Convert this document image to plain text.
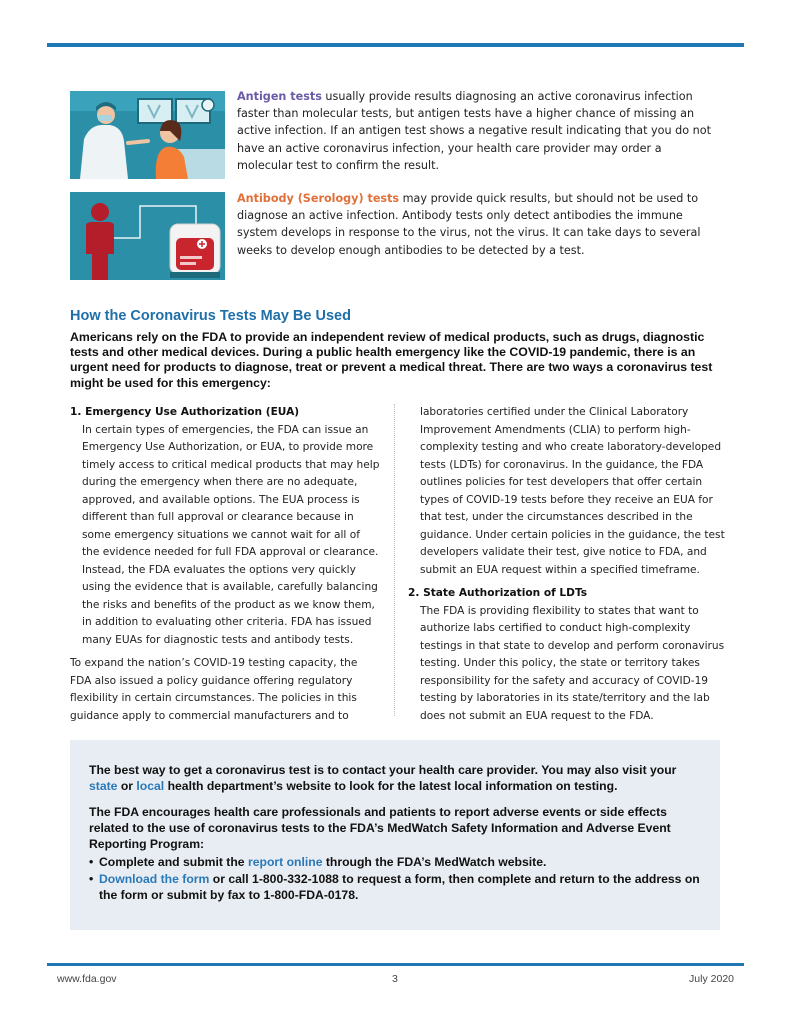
Antigen tests usually provide results diagnosing an active coronavirus infection faster than molecular tests, but antigen tests have a higher chance of missing an active infection. If an antigen test shows a negative result indicating that you do not have an active coronavirus infection, your health care provider may order a molecular test to confirm the result.

Antibody (Serology) tests may provide quick results, but should not be used to diagnose an active infection. Antibody tests only detect antibodies the immune system develops in response to the virus, not the virus. It can take days to several weeks to develop enough antibodies to be detected by a test.

How the Coronavirus Tests May Be Used

Americans rely on the FDA to provide an independent review of medical products, such as drugs, diagnostic tests and other medical devices. During a public health emergency like the COVID-19 pandemic, there is an urgent need for products to diagnose, treat or prevent a medical threat. There are two ways a coronavirus test might be used for this emergency:

1. Emergency Use Authorization (EUA)

In certain types of emergencies, the FDA can issue an Emergency Use Authorization, or EUA, to provide more timely access to critical medical products that may help during the emergency when there are no adequate, approved, and available options. The EUA process is different than full approval or clearance because in some emergency situations we cannot wait for all of the evidence needed for full FDA approval or clearance. Instead, the FDA evaluates the options very quickly using the evidence that is available, carefully balancing the risks and benefits of the product as we know them, in addition to evaluating other criteria. FDA has issued many EUAs for diagnostic tests and antibody tests.

To expand the nation’s COVID-19 testing capacity, the FDA also issued a policy guidance offering regulatory flexibility in certain circumstances. The policies in this guidance apply to commercial manufacturers and to

laboratories certified under the Clinical Laboratory Improvement Amendments (CLIA) to perform high-complexity testing and who create laboratory-developed tests (LDTs) for coronavirus. In the guidance, the FDA outlines policies for test developers that offer certain types of COVID-19 tests before they receive an EUA for that test, under the circumstances described in the guidance. Under certain policies in the guidance, the test developers validate their test, give notice to FDA, and submit an EUA request within a specified timeframe.

2. State Authorization of LDTs

The FDA is providing flexibility to states that want to authorize labs certified to conduct high-complexity testings in that state to develop and perform coronavirus testing. Under this policy, the state or territory takes responsibility for the safety and accuracy of COVID-19 testing by laboratories in its state/territory and the lab does not submit an EUA request to the FDA.

The best way to get a coronavirus test is to contact your health care provider. You may also visit your state or local health department’s website to look for the latest local information on testing.

The FDA encourages health care professionals and patients to report adverse events or side effects related to the use of coronavirus tests to the FDA’s MedWatch Safety Information and Adverse Event Reporting Program:

• Complete and submit the report online through the FDA’s MedWatch website.
• Download the form or call 1-800-332-1088 to request a form, then complete and return to the address on the form or submit by fax to 1-800-FDA-0178.
www.fda.gov	3	July 2020
